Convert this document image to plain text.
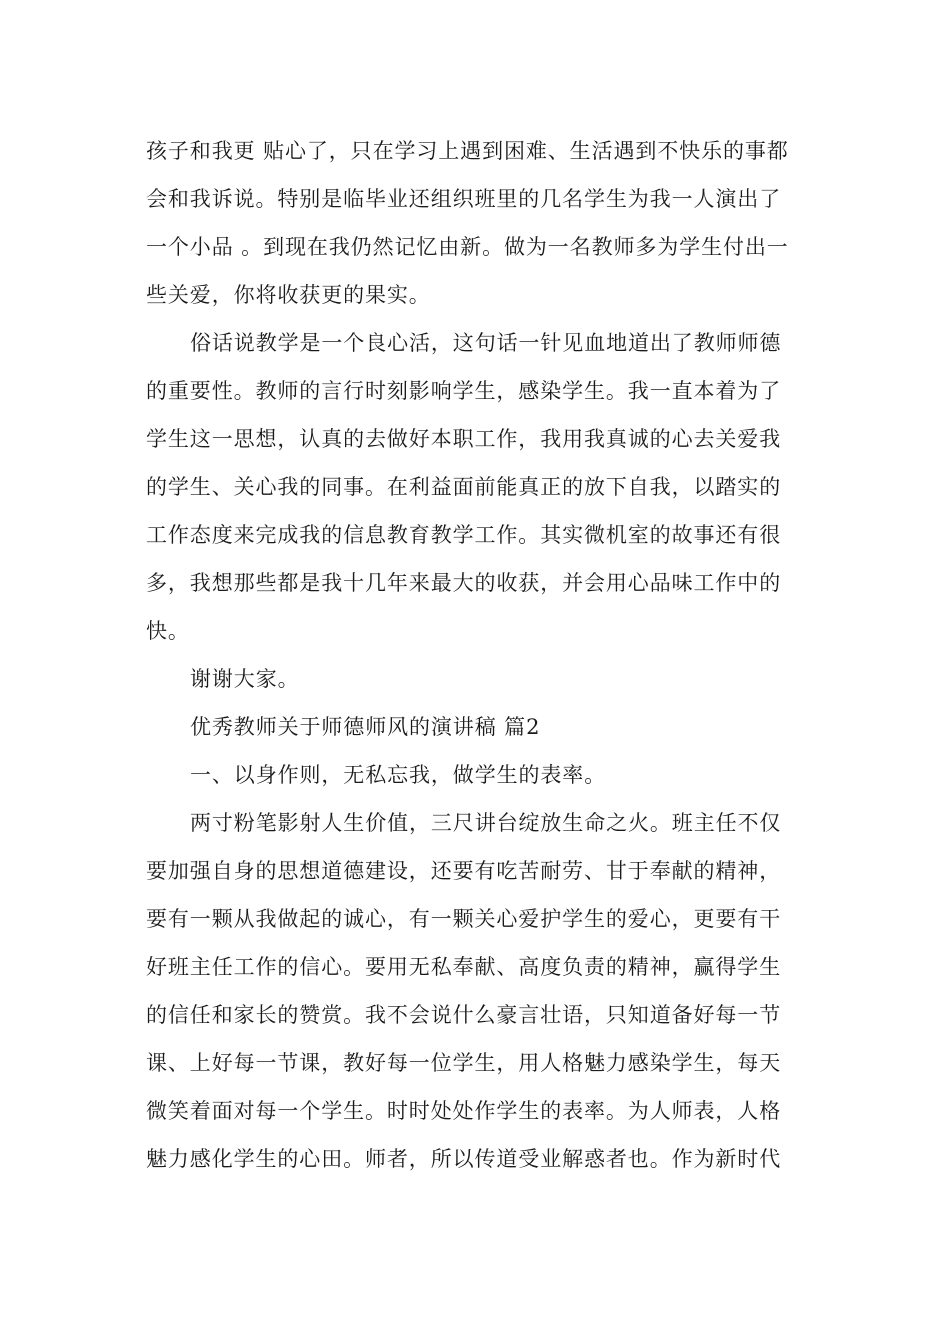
孩子和我更 贴心了，只在学习上遇到困难、生活遇到不快乐的事都
会和我诉说。特别是临毕业还组织班里的几名学生为我一人演出了
一个小品 。到现在我仍然记忆由新。做为一名教师多为学生付出一
些关爱，你将收获更的果实。
俗话说教学是一个良心活，这句话一针见血地道出了教师师德
的重要性。教师的言行时刻影响学生，感染学生。我一直本着为了
学生这一思想，认真的去做好本职工作，我用我真诚的心去关爱我
的学生、关心我的同事。在利益面前能真正的放下自我，以踏实的
工作态度来完成我的信息教育教学工作。其实微机室的故事还有很
多，我想那些都是我十几年来最大的收获，并会用心品味工作中的
快。
谢谢大家。
优秀教师关于师德师风的演讲稿 篇2
一、以身作则，无私忘我，做学生的表率。
两寸粉笔影射人生价值，三尺讲台绽放生命之火。班主任不仅
要加强自身的思想道德建设，还要有吃苦耐劳、甘于奉献的精神，
要有一颗从我做起的诚心，有一颗关心爱护学生的爱心，更要有干
好班主任工作的信心。要用无私奉献、高度负责的精神，赢得学生
的信任和家长的赞赏。我不会说什么豪言壮语，只知道备好每一节
课、上好每一节课，教好每一位学生，用人格魅力感染学生，每天
微笑着面对每一个学生。时时处处作学生的表率。为人师表，人格
魅力感化学生的心田。师者，所以传道受业解惑者也。作为新时代
